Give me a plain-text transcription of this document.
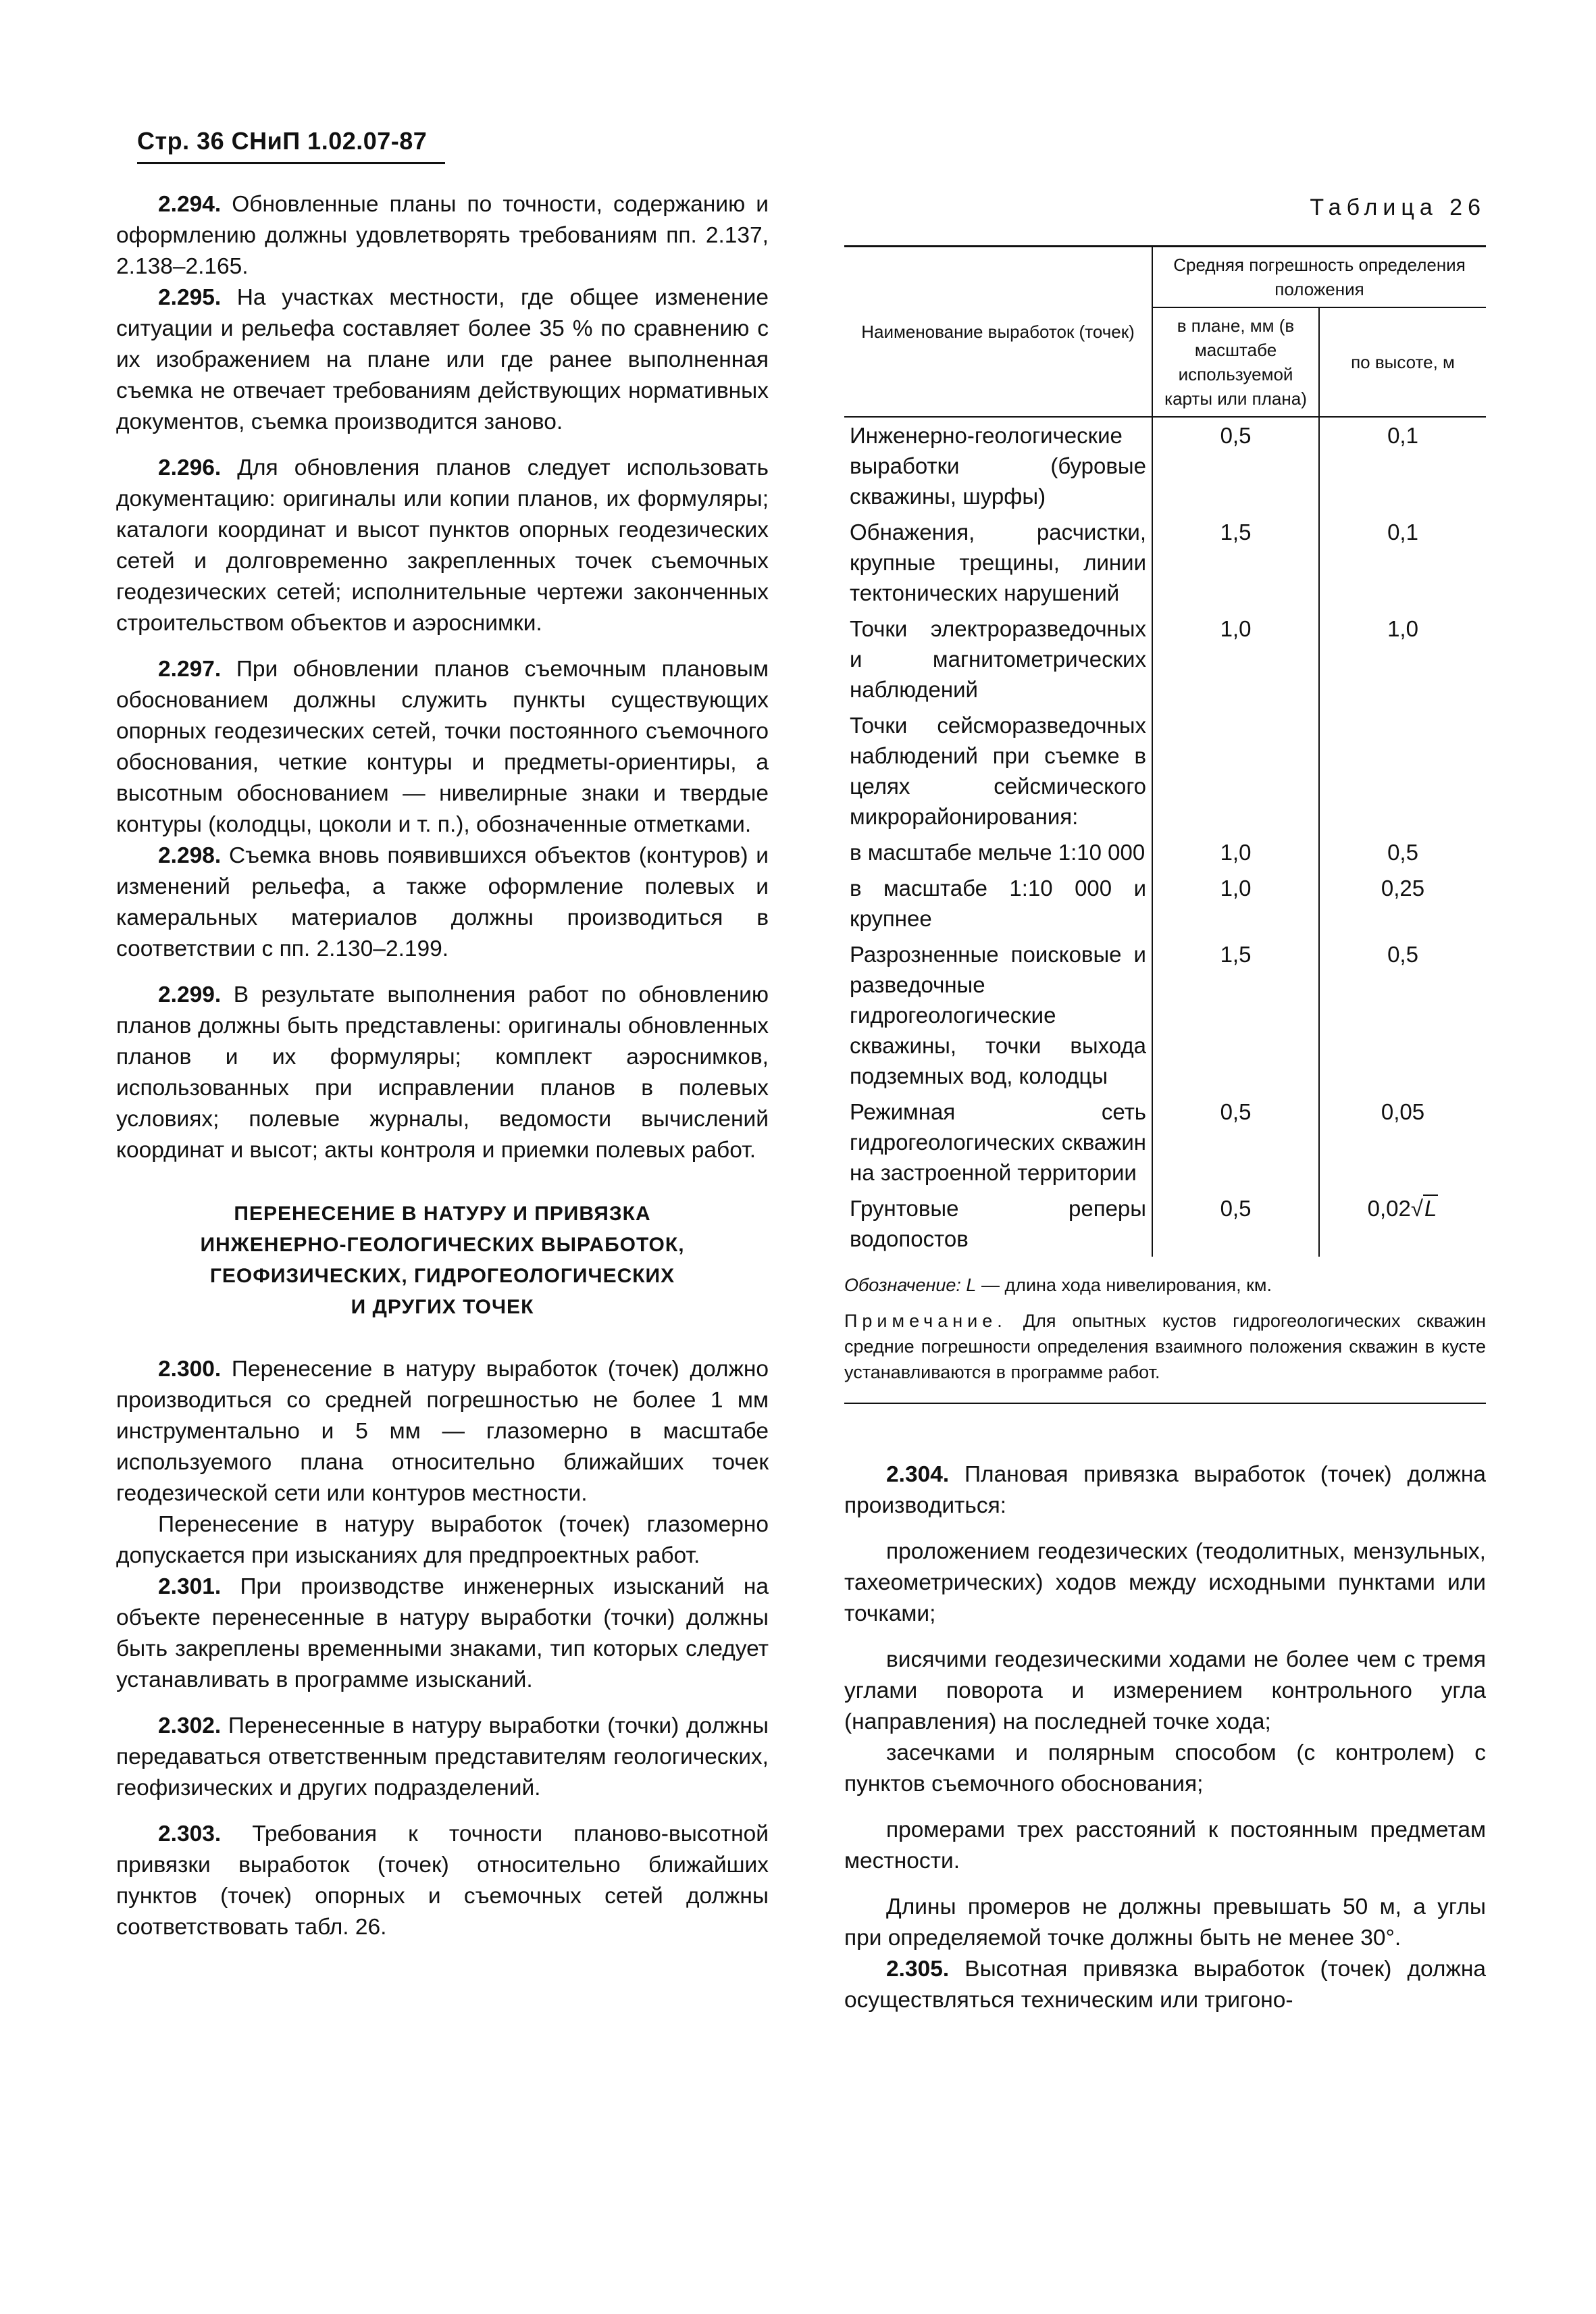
Стр. 36 СНиП 1.02.07-87

2.294. Обновленные планы по точности, содержанию и оформлению должны удовлетворять требованиям пп. 2.137, 2.138–2.165.

2.295. На участках местности, где общее изменение ситуации и рельефа составляет более 35 % по сравнению с их изображением на плане или где ранее выполненная съемка не отвечает требованиям действующих нормативных документов, съемка производится заново.

2.296. Для обновления планов следует использовать документацию: оригиналы или копии планов, их формуляры; каталоги координат и высот пунктов опорных геодезических сетей и долговременно закрепленных точек съемочных геодезических сетей; исполнительные чертежи законченных строительством объектов и аэроснимки.

2.297. При обновлении планов съемочным плановым обоснованием должны служить пункты существующих опорных геодезических сетей, точки постоянного съемочного обоснования, четкие контуры и предметы-ориентиры, а высотным обоснованием — нивелирные знаки и твердые контуры (колодцы, цоколи и т. п.), обозначенные отметками.

2.298. Съемка вновь появившихся объектов (контуров) и изменений рельефа, а также оформление полевых и камеральных материалов должны производиться в соответствии с пп. 2.130–2.199.

2.299. В результате выполнения работ по обновлению планов должны быть представлены: оригиналы обновленных планов и их формуляры; комплект аэроснимков, использованных при исправлении планов в полевых условиях; полевые журналы, ведомости вычислений координат и высот; акты контроля и приемки полевых работ.

ПЕРЕНЕСЕНИЕ В НАТУРУ И ПРИВЯЗКА
ИНЖЕНЕРНО-ГЕОЛОГИЧЕСКИХ ВЫРАБОТОК,
ГЕОФИЗИЧЕСКИХ, ГИДРОГЕОЛОГИЧЕСКИХ
И ДРУГИХ ТОЧЕК

2.300. Перенесение в натуру выработок (точек) должно производиться со средней погрешностью не более 1 мм инструментально и 5 мм — глазомерно в масштабе используемого плана относительно ближайших точек геодезической сети или контуров местности.

Перенесение в натуру выработок (точек) глазомерно допускается при изысканиях для предпроектных работ.

2.301. При производстве инженерных изысканий на объекте перенесенные в натуру выработки (точки) должны быть закреплены временными знаками, тип которых следует устанавливать в программе изысканий.

2.302. Перенесенные в натуру выработки (точки) должны передаваться ответственным представителям геологических, геофизических и других подразделений.

2.303. Требования к точности планово-высотной привязки выработок (точек) относительно ближайших пунктов (точек) опорных и съемочных сетей должны соответствовать табл. 26.

Таблица 26
Наименование выработок (точек)	Средняя погрешность определения положения	
	в плане, мм (в масштабе используемой карты или плана)	по высоте, м
Инженерно-геологические выработки (буровые скважины, шурфы)	0,5	0,1
Обнажения, расчистки, крупные трещины, линии тектонических нарушений	1,5	0,1
Точки электроразведочных и магнитометрических наблюдений	1,0	1,0
Точки сейсморазведочных наблюдений при съемке в целях сейсмического микрорайонирования:		
в масштабе мельче 1:10 000	1,0	0,5
в масштабе 1:10 000 и крупнее	1,0	0,25
Разрозненные поисковые и разведочные гидрогеологические скважины, точки выхода подземных вод, колодцы	1,5	0,5
Режимная сеть гидрогеологических скважин на застроенной территории	0,5	0,05
Грунтовые реперы водопостов	0,5	0,02√L

Обозначение: L — длина хода нивелирования, км.

Примечание. Для опытных кустов гидрогеологических скважин средние погрешности определения взаимного положения скважин в кусте устанавливаются в программе работ.

2.304. Плановая привязка выработок (точек) должна производиться:

проложением геодезических (теодолитных, мензульных, тахеометрических) ходов между исходными пунктами или точками;

висячими геодезическими ходами не более чем с тремя углами поворота и измерением контрольного угла (направления) на последней точке хода;

засечками и полярным способом (с контролем) с пунктов съемочного обоснования;

промерами трех расстояний к постоянным предметам местности.

Длины промеров не должны превышать 50 м, а углы при определяемой точке должны быть не менее 30°.

2.305. Высотная привязка выработок (точек) должна осуществляться техническим или тригоно-
